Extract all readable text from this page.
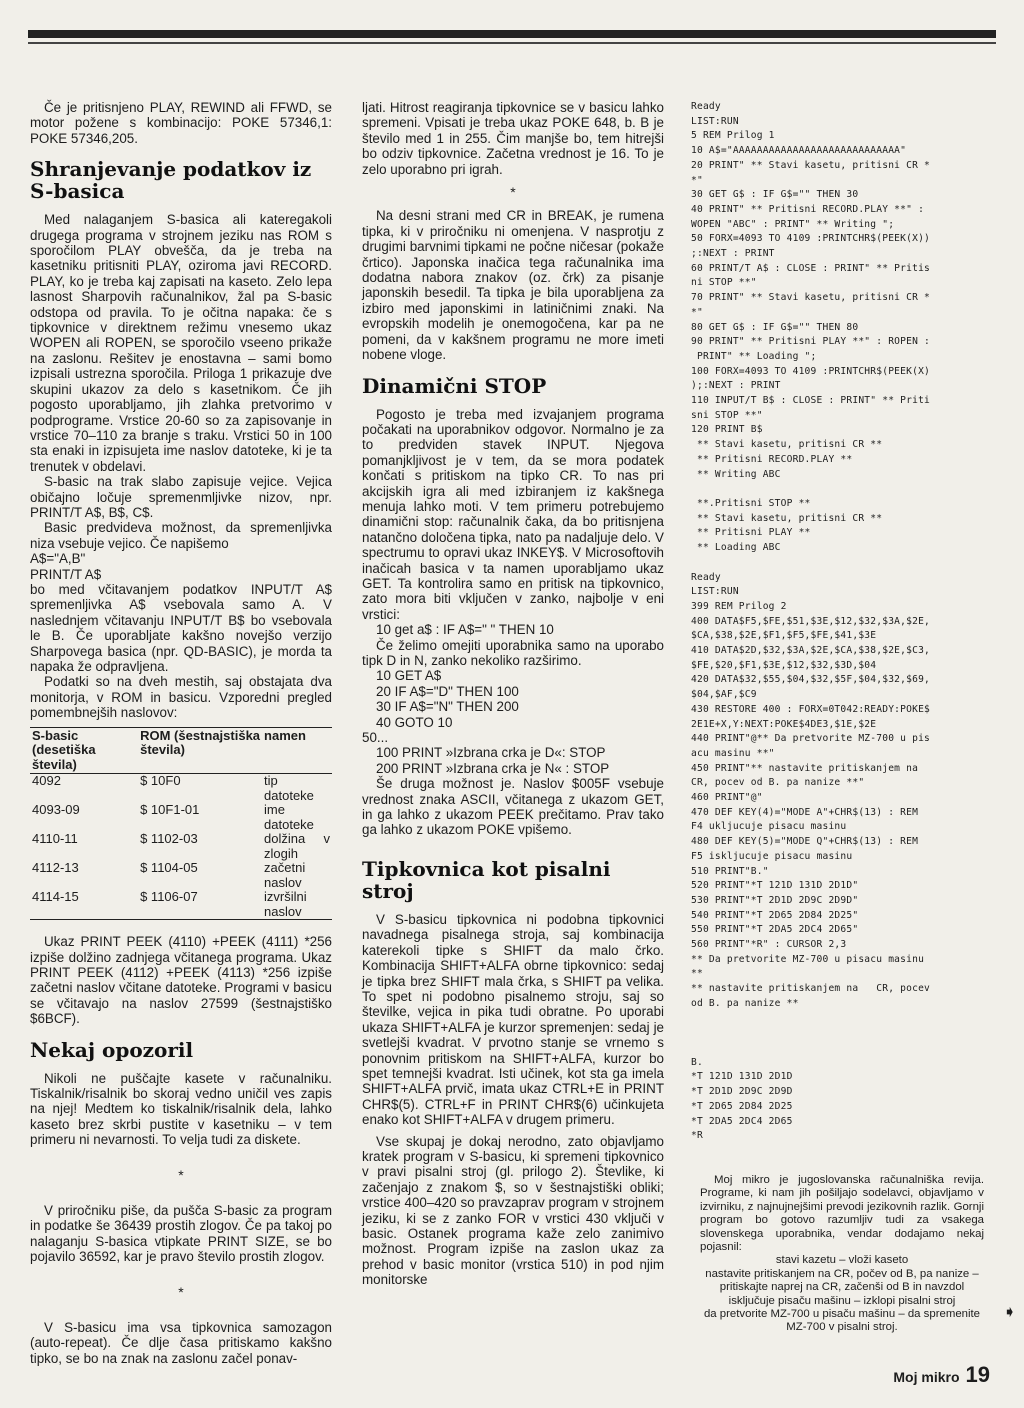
Če je pritisnjeno PLAY, REWIND ali FFWD, se motor požene s kombinacijo: POKE 57346,1: POKE 57346,205.

Shranjevanje podatkov iz S-basica

Med nalaganjem S-basica ali kateregakoli drugega programa v strojnem jeziku nas ROM s sporočilom PLAY obvešča, da je treba na kasetniku pritisniti PLAY, oziroma javi RECORD. PLAY, ko je treba kaj zapisati na kaseto. Zelo lepa lasnost Sharpovih računalnikov, žal pa S-basic odstopa od pravila. To je očitna napaka: če s tipkovnice v direktnem režimu vnesemo ukaz WOPEN ali ROPEN, se sporočilo vseeno prikaže na zaslonu. Rešitev je enostavna – sami bomo izpisali ustrezna sporočila. Priloga 1 prikazuje dve skupini ukazov za delo s kasetnikom. Če jih pogosto uporabljamo, jih zlahka pretvorimo v podprograme. Vrstice 20-60 so za zapisovanje in vrstice 70–110 za branje s traku. Vrstici 50 in 100 sta enaki in izpisujeta ime naslov datoteke, ki je ta trenutek v obdelavi.

S-basic na trak slabo zapisuje vejice. Vejica običajno ločuje spremenmljivke nizov, npr. PRINT/T A$, B$, C$.

Basic predvideva možnost, da spremenljivka niza vsebuje vejico. Če napišemo

A$="A,B"

PRINT/T A$

bo med včitavanjem podatkov INPUT/T A$ spremenljivka A$ vsebovala samo A. V naslednjem včitavanju INPUT/T B$ bo vsebovala le B. Če uporabljate kakšno novejšo verzijo Sharpovega basica (npr. QD-BASIC), je morda ta napaka že odpravljena.

Podatki so na dveh mestih, saj obstajata dva monitorja, v ROM in basicu. Vzporedni pregled pomembnejših naslovov:

S-basic (desetiška števila)	ROM (šestnajstiška števila)	namen
4092	$ 10F0	tip datoteke
4093-09	$ 10F1-01	ime datoteke
4110-11	$ 1102-03	dolžina v zlogih
4112-13	$ 1104-05	začetni naslov
4114-15	$ 1106-07	izvršilni naslov

Ukaz PRINT PEEK (4110) +PEEK (4111) *256 izpiše dolžino zadnjega včitanega programa. Ukaz PRINT PEEK (4112) +PEEK (4113) *256 izpiše začetni naslov včitane datoteke. Programi v basicu se včitavajo na naslov 27599 (šestnajstiško $6BCF).

Nekaj opozoril

Nikoli ne puščajte kasete v računalniku. Tiskalnik/risalnik bo skoraj vedno uničil ves zapis na njej! Medtem ko tiskalnik/risalnik dela, lahko kaseto brez skrbi pustite v kasetniku – v tem primeru ni nevarnosti. To velja tudi za diskete.

*

V priročniku piše, da pušča S-basic za program in podatke še 36439 prostih zlogov. Če pa takoj po nalaganju S-basica vtipkate PRINT SIZE, se bo pojavilo 36592, kar je pravo število prostih zlogov.

*

V S-basicu ima vsa tipkovnica samozagon (auto-repeat). Če dlje časa pritiskamo kakšno tipko, se bo na znak na zaslonu začel ponav-

ljati. Hitrost reagiranja tipkovnice se v basicu lahko spremeni. Vpisati je treba ukaz POKE 648, b. B je število med 1 in 255. Čim manjše bo, tem hitrejši bo odziv tipkovnice. Začetna vrednost je 16. To je zelo uporabno pri igrah.

*

Na desni strani med CR in BREAK, je rumena tipka, ki v priročniku ni omenjena. V nasprotju z drugimi barvnimi tipkami ne počne ničesar (pokaže črtico). Japonska inačica tega računalnika ima dodatna nabora znakov (oz. črk) za pisanje japonskih besedil. Ta tipka je bila uporabljena za izbiro med japonskimi in latiničnimi znaki. Na evropskih modelih je onemogočena, kar pa ne pomeni, da v kakšnem programu ne more imeti nobene vloge.

Dinamični STOP

Pogosto je treba med izvajanjem programa počakati na uporabnikov odgovor. Normalno je za to predviden stavek INPUT. Njegova pomanjkljivost je v tem, da se mora podatek končati s pritiskom na tipko CR. To nas pri akcijskih igra ali med izbiranjem iz kakšnega menuja lahko moti. V tem primeru potrebujemo dinamični stop: računalnik čaka, da bo pritisnjena natančno določena tipka, nato pa nadaljuje delo. V spectrumu to opravi ukaz INKEY$. V Microsoftovih inačicah basica v ta namen uporabljamo ukaz GET. Ta kontrolira samo en pritisk na tipkovnico, zato mora biti vključen v zanko, najbolje v eni vrstici:

10 get a$ : IF A$=" " THEN 10

Če želimo omejiti uporabnika samo na uporabo tipk D in N, zanko nekoliko razširimo.

10 GET A$

20 IF A$="D" THEN 100

30 IF A$="N" THEN 200

40 GOTO 10

50...

100 PRINT »Izbrana crka je D«: STOP

200 PRINT »Izbrana crka je N« : STOP

Še druga možnost je. Naslov $005F vsebuje vrednost znaka ASCII, včitanega z ukazom GET, in ga lahko z ukazom PEEK prečitamo. Prav tako ga lahko z ukazom POKE vpišemo.

Tipkovnica kot pisalni stroj

V S-basicu tipkovnica ni podobna tipkovnici navadnega pisalnega stroja, saj kombinacija katerekoli tipke s SHIFT da malo črko. Kombinacija SHIFT+ALFA obrne tipkovnico: sedaj je tipka brez SHIFT mala črka, s SHIFT pa velika. To spet ni podobno pisalnemo stroju, saj so številke, vejica in pika tudi obratne. Po uporabi ukaza SHIFT+ALFA je kurzor spremenjen: sedaj je svetlejši kvadrat. V prvotno stanje se vrnemo s ponovnim pritiskom na SHIFT+ALFA, kurzor bo spet temnejši kvadrat. Isti učinek, kot sta ga imela SHIFT+ALFA prvič, imata ukaz CTRL+E in PRINT CHR$(5). CTRL+F in PRINT CHR$(6) učinkujeta enako kot SHIFT+ALFA v drugem primeru.

Vse skupaj je dokaj nerodno, zato objavljamo kratek program v S-basicu, ki spremeni tipkovnico v pravi pisalni stroj (gl. prilogo 2). Števlike, ki začenjajo z znakom $, so v šestnajstiški obliki; vrstice 400–420 so pravzaprav program v strojnem jeziku, ki se z zanko FOR v vrstici 430 vključi v basic. Ostanek programa kaže zelo zanimivo možnost. Program izpiše na zaslon ukaz za prehod v basic monitor (vrstica 510) in pod njim monitorske

Ready
LIST:RUN
5 REM Prilog 1
10 A$="AAAAAAAAAAAAAAAAAAAAAAAAAAAA"
20 PRINT" ** Stavi kasetu, pritisni CR *
*"
30 GET G$ : IF G$="" THEN 30
40 PRINT" ** Pritisni RECORD.PLAY **" :
WOPEN "ABC" : PRINT" ** Writing ";
50 FORX=4093 TO 4109 :PRINTCHR$(PEEK(X))
;:NEXT : PRINT
60 PRINT/T A$ : CLOSE : PRINT" ** Pritis
ni STOP **"
70 PRINT" ** Stavi kasetu, pritisni CR *
*"
80 GET G$ : IF G$="" THEN 80
90 PRINT" ** Pritisni PLAY **" : ROPEN :
PRINT" ** Loading ";
100 FORX=4093 TO 4109 :PRINTCHR$(PEEK(X)
);:NEXT : PRINT
110 INPUT/T B$ : CLOSE : PRINT" ** Priti
sni STOP **"
120 PRINT B$
** Stavi kasetu, pritisni CR **
** Pritisni RECORD.PLAY **
** Writing ABC

**.Pritisni STOP **
** Stavi kasetu, pritisni CR **
** Pritisni PLAY **
** Loading ABC

Ready
LIST:RUN
399 REM Prilog 2
400 DATA$F5,$FE,$51,$3E,$12,$32,$3A,$2E,
$CA,$38,$2E,$F1,$F5,$FE,$41,$3E
410 DATA$2D,$32,$3A,$2E,$CA,$38,$2E,$C3,
$FE,$20,$F1,$3E,$12,$32,$3D,$04
420 DATA$32,$55,$04,$32,$5F,$04,$32,$69,
$04,$AF,$C9
430 RESTORE 400 : FORX=0T042:READY:POKE$
2E1E+X,Y:NEXT:POKE$4DE3,$1E,$2E
440 PRINT"@** Da pretvorite MZ-700 u pis
acu masinu **"
450 PRINT"** nastavite pritiskanjem na
CR, pocev od B. pa nanize **"
460 PRINT"@"
470 DEF KEY(4)="MODE A"+CHR$(13) : REM
F4 ukljucuje pisacu masinu
480 DEF KEY(5)="MODE Q"+CHR$(13) : REM
F5 iskljucuje pisacu masinu
510 PRINT"B."
520 PRINT"*T 121D 131D 2D1D"
530 PRINT"*T 2D1D 2D9C 2D9D"
540 PRINT"*T 2D65 2D84 2D25"
550 PRINT"*T 2DA5 2DC4 2D65"
560 PRINT"*R" : CURSOR 2,3
** Da pretvorite MZ-700 u pisacu masinu
**
** nastavite pritiskanjem na   CR, pocev
od B. pa nanize **

B.
*T 121D 131D 2D1D
*T 2D1D 2D9C 2D9D
*T 2D65 2D84 2D25
*T 2DA5 2DC4 2D65
*R

Moj mikro je jugoslovanska računalniška revija. Programe, ki nam jih pošiljajo sodelavci, objavljamo v izvirniku, z najnujnejšimi prevodi jezikovnih razlik. Gornji program bo gotovo razumljiv tudi za vsakega slovenskega uporabnika, vendar dodajamo nekaj pojasnil:

stavi kazetu – vloži kaseto

nastavite pritiskanjem na CR, počev od B, pa nanize – pritiskajte naprej na CR, začenši od B in navzdol

isključuje pisaču mašinu – izklopi pisalni stroj

da pretvorite MZ-700 u pisaču mašinu – da spremenite MZ-700 v pisalni stroj.

➧
Moj mikro 19
